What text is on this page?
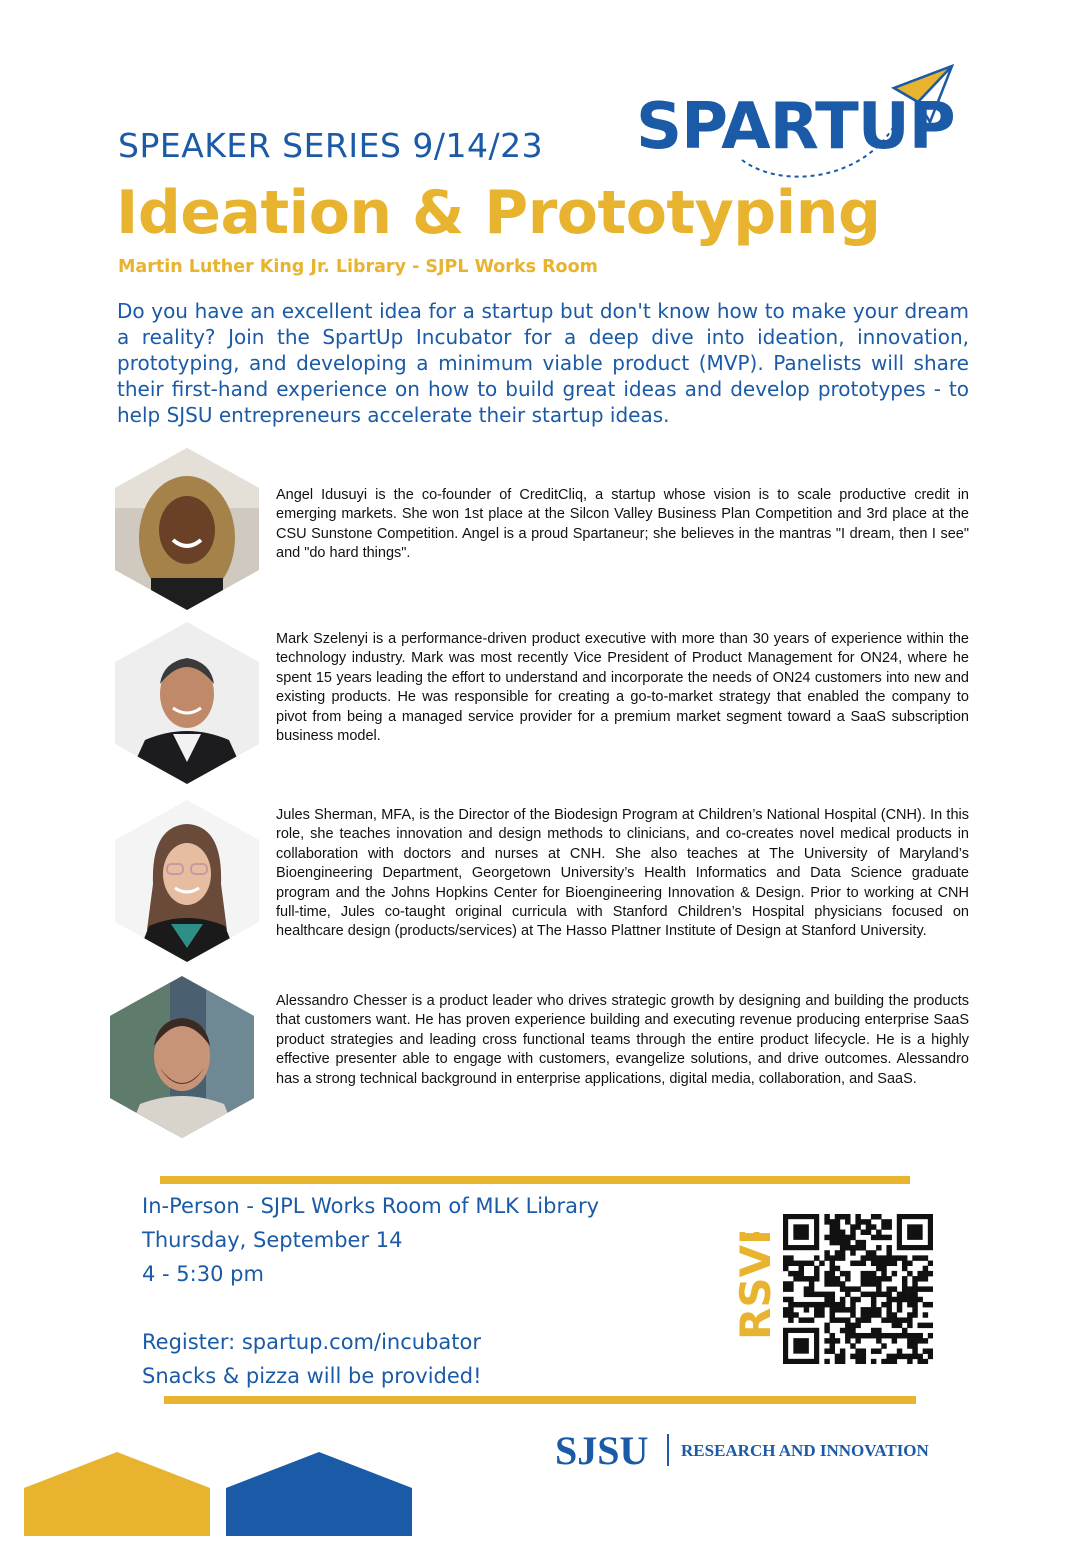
SPARTUP
SPEAKER SERIES 9/14/23
Ideation & Prototyping
Martin Luther King Jr. Library - SJPL Works Room
Do you have an excellent idea for a startup but don't know how to make your dream a reality? Join the SpartUp Incubator for a deep dive into ideation, innovation, prototyping, and developing a minimum viable product (MVP). Panelists will share their first-hand experience on how to build great ideas and develop prototypes - to help SJSU entrepreneurs accelerate their startup ideas.
Angel Idusuyi is the co-founder of CreditCliq, a startup whose vision is to scale productive credit in emerging markets. She won 1st place at the Silcon Valley Business Plan Competition and 3rd place at the CSU Sunstone Competition. Angel is a proud Spartaneur; she believes in the mantras "I dream, then I see" and "do hard things".
Mark Szelenyi is a performance-driven product executive with more than 30 years of experience within the technology industry. Mark was most recently Vice President of Product Management for ON24, where he spent 15 years leading the effort to understand and incorporate the needs of ON24 customers into new and existing products. He was responsible for creating a go-to-market strategy that enabled the company to pivot from being a managed service provider for a premium market segment toward a SaaS subscription business model.
Jules Sherman, MFA, is the Director of the Biodesign Program at Children’s National Hospital (CNH). In this role, she teaches innovation and design methods to clinicians, and co-creates novel medical products in collaboration with doctors and nurses at CNH. She also teaches at The University of Maryland’s Bioengineering Department, Georgetown University’s Health Informatics and Data Science graduate program and the Johns Hopkins Center for Bioengineering Innovation & Design. Prior to working at CNH full-time, Jules co-taught original curricula with Stanford Children’s Hospital physicians focused on healthcare design (products/services) at The Hasso Plattner Institute of Design at Stanford University.
Alessandro Chesser is a product leader who drives strategic growth by designing and building the products that customers want. He has proven experience building and executing revenue producing enterprise SaaS product strategies and leading cross functional teams through the entire product lifecycle. He is a highly effective presenter able to engage with customers, evangelize solutions, and drive outcomes. Alessandro has a strong technical background in enterprise applications, digital media, collaboration, and SaaS.
In-Person - SJPL Works Room of MLK Library
Thursday, September 14
4 - 5:30 pm
Register: spartup.com/incubator
Snacks & pizza will be provided!
RSVP
SJSU RESEARCH AND INNOVATION
